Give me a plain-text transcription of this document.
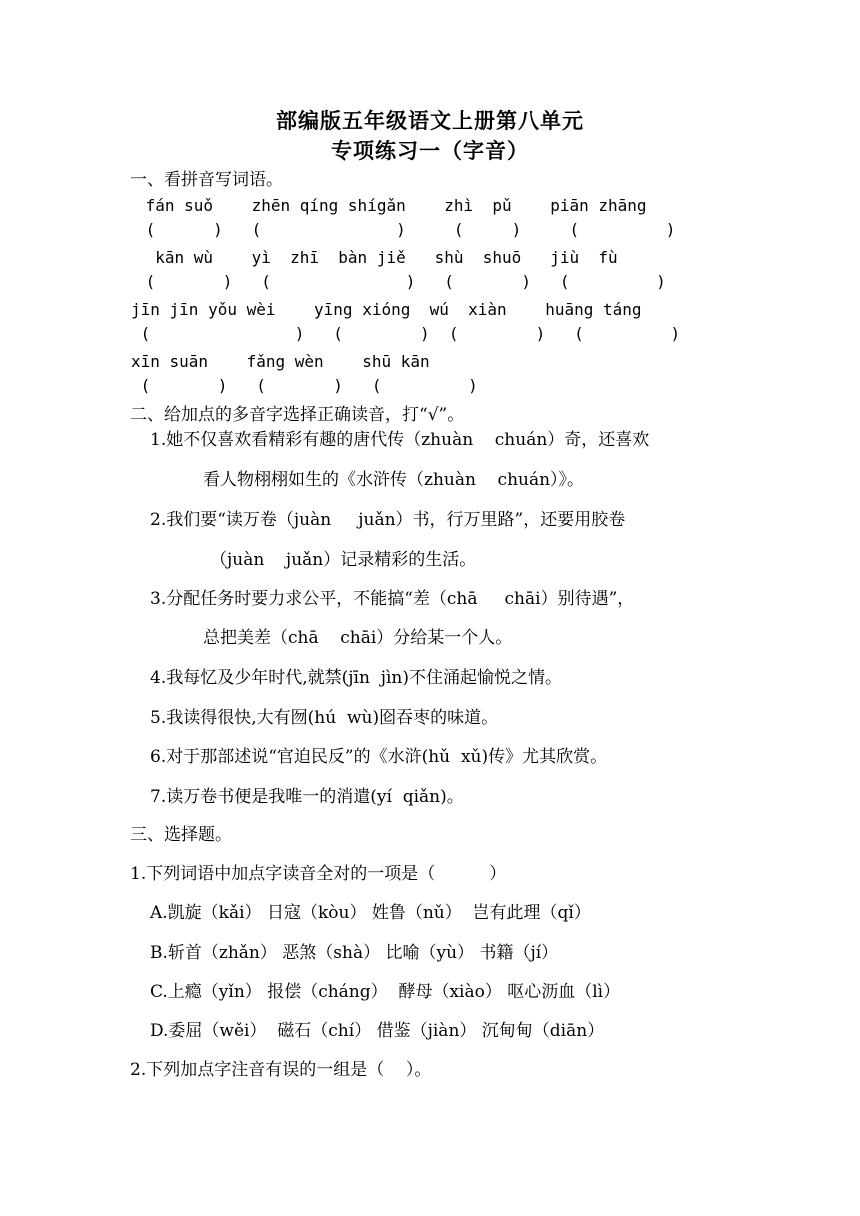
部编版五年级语文上册第八单元
专项练习一（字音）
一、看拼音写词语。
fán suǒ    zhēn qíng shígǎn    zhì  pǔ    piān zhāng
(      )   (              )     (     )     (         )
kān wù    yì  zhī  bàn jiě   shù  shuō   jiù  fù
(       )   (              )   (       )   (         )
jīn jīn yǒu wèi    yīng xióng  wú  xiàn    huāng táng
(               )   (        )  (        )   (         )
xīn suān    fǎng wèn    shū kān
(       )   (       )   (         )
二、给加点的多音字选择正确读音，打“√”。
1.她不仅喜欢看精彩有趣的唐代传（zhuàn    chuán）奇，还喜欢
看人物栩栩如生的《水浒传（zhuàn    chuán）》。
2.我们要“读万卷（juàn     juǎn）书，行万里路”，还要用胶卷
（juàn    juǎn）记录精彩的生活。
3.分配任务时要力求公平，不能搞“差（chā     chāi）别待遇”，
总把美差（chā    chāi）分给某一个人。
4.我每忆及少年时代,就禁(jīn  jìn)不住涌起愉悦之情。
5.我读得很快,大有囫(hú  wù)囵吞枣的味道。
6.对于那部述说“官迫民反”的《水浒(hǔ  xǔ)传》尤其欣赏。
7.读万卷书便是我唯一的消遣(yí  qiǎn)。
三、选择题。
1.下列词语中加点字读音全对的一项是（          ）
A.凯旋（kǎi） 日寇（kòu） 姓鲁（nǔ）  岂有此理（qǐ）
B.斩首（zhǎn） 恶煞（shà） 比喻（yù） 书籍（jí）
C.上瘾（yǐn） 报偿（cháng）  酵母（xiào） 呕心沥血（lì）
D.委屈（wěi）  磁石（chí） 借鉴（jiàn） 沉甸甸（diān）
2.下列加点字注音有误的一组是（    ）。
